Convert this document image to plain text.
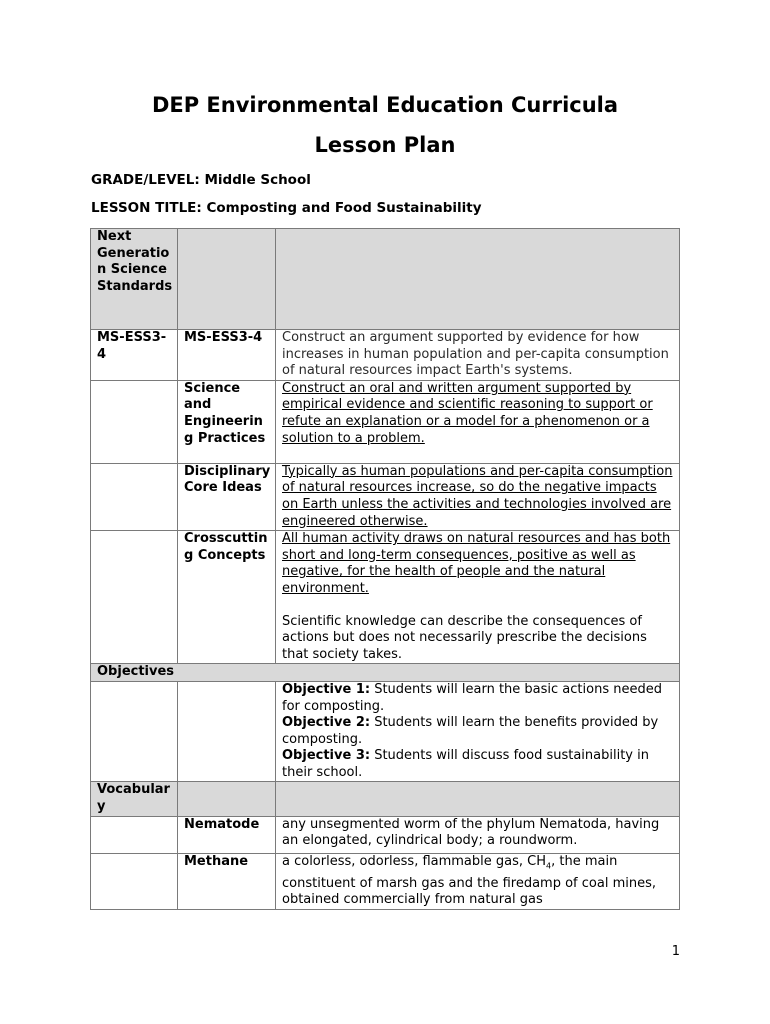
DEP Environmental Education Curricula
Lesson Plan

GRADE/LEVEL: Middle School

LESSON TITLE: Composting and Food Sustainability

Next Generation Science Standards		
MS-ESS3-4	MS-ESS3-4	Construct an argument supported by evidence for how increases in human population and per-capita consumption of natural resources impact Earth's systems.
	Science and Engineering Practices	Construct an oral and written argument supported by empirical evidence and scientific reasoning to support or refute an explanation or a model for a phenomenon or a solution to a problem.
	Disciplinary Core Ideas	Typically as human populations and per-capita consumption of natural resources increase, so do the negative impacts on Earth unless the activities and technologies involved are engineered otherwise.
	Crosscutting Concepts	All human activity draws on natural resources and has both short and long-term consequences, positive as well as negative, for the health of people and the natural environment.
Scientific knowledge can describe the consequences of actions but does not necessarily prescribe the decisions that society takes.

Objectives		

		Objective 1: Students will learn the basic actions needed for composting.
Objective 2: Students will learn the benefits provided by composting.
Objective 3: Students will discuss food sustainability in their school.

Vocabulary		
	Nematode	any unsegmented worm of the phylum Nematoda, having an elongated, cylindrical body; a roundworm.
	Methane	a colorless, odorless, flammable gas, $CH_4$, the main constituent of marsh gas and the firedamp of coal mines, obtained commercially from natural gas

1
